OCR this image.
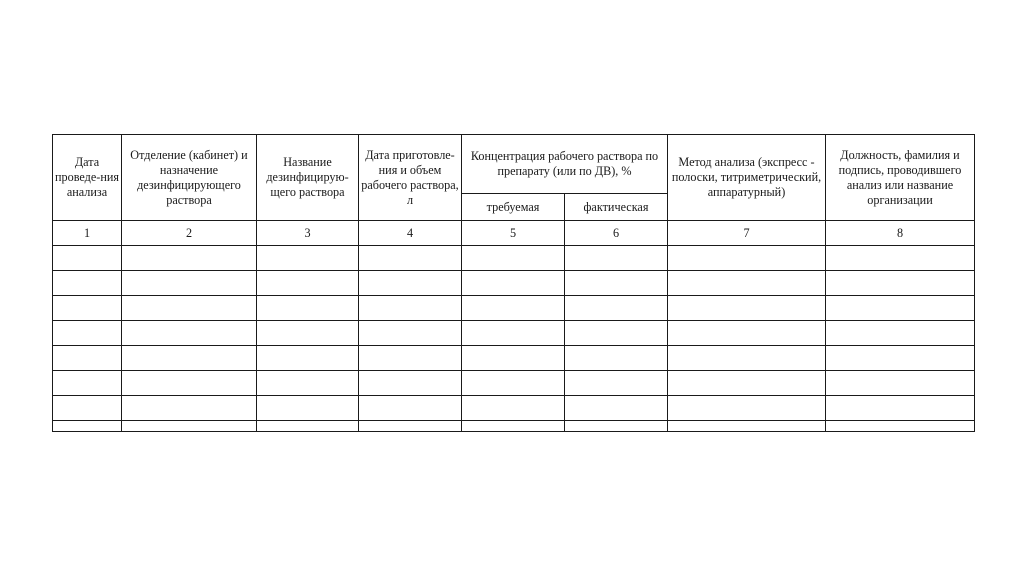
Дата проведе-ния анализа	Отделение (кабинет) и назначение дезинфицирующего раствора	Название дезинфицирую-щего раствора	Дата приготовле-ния и объем рабочего раствора, л	Концентрация рабочего раствора по препарату (или по ДВ), %		Метод анализа (экспресс - полоски, титриметрический, аппаратурный)	Должность, фамилия и подпись, проводившего анализ или название организации
				требуемая	фактическая		
1	2	3	4	5	6	7	8
